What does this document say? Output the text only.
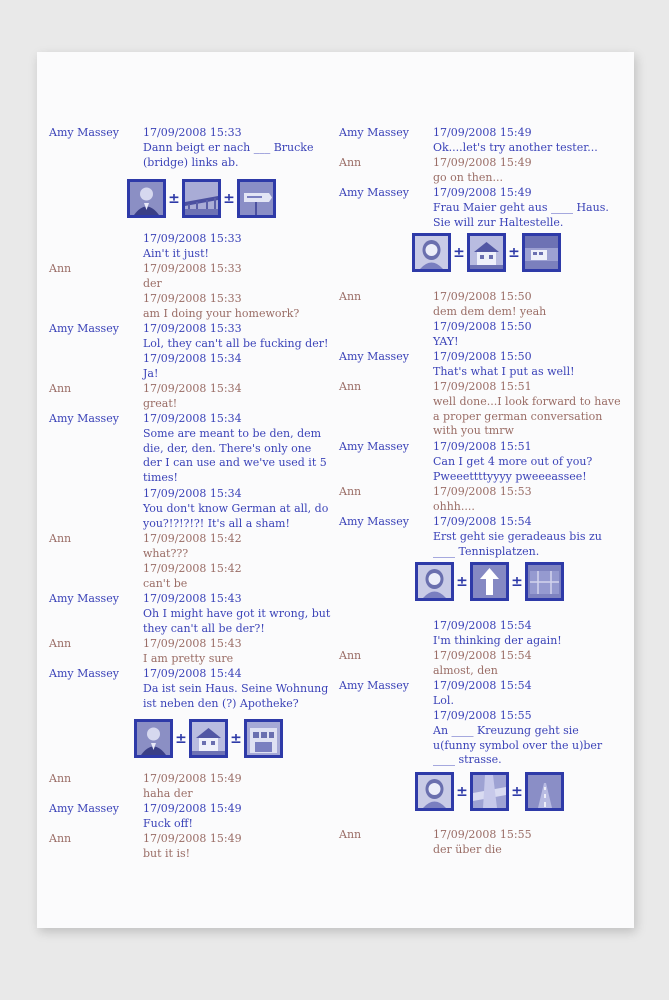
Amy Massey	17/09/2008 15:33
Dann beigt er nach ___ Brucke (bridge) links ab.
17/09/2008 15:33
Ain't it just!
Ann	17/09/2008 15:33
der
17/09/2008 15:33
am I doing your homework?
Amy Massey	17/09/2008 15:33
Lol, they can't all be fucking der!
17/09/2008 15:34
Ja!
Ann	17/09/2008 15:34
great!
Amy Massey	17/09/2008 15:34
Some are meant to be den, dem die, der, den. There's only one der I can use and we've used it 5 times!
17/09/2008 15:34
You don't know German at all, do you?!?!?!?! It's all a sham!
Ann	17/09/2008 15:42
what???
17/09/2008 15:42
can't be
Amy Massey	17/09/2008 15:43
Oh I might have got it wrong, but they can't all be der?!
Ann	17/09/2008 15:43
I am pretty sure
Amy Massey	17/09/2008 15:44
Da ist sein Haus. Seine Wohnung ist neben den (?) Apotheke?
Ann	17/09/2008 15:49
haha der
Amy Massey	17/09/2008 15:49
Fuck off!
Ann	17/09/2008 15:49
but it is!
±	±
±	±
Amy Massey	17/09/2008 15:49
Ok....let's try another tester...
Ann	17/09/2008 15:49
go on then...
Amy Massey	17/09/2008 15:49
Frau Maier geht aus ____ Haus. Sie will zur Haltestelle.
Ann	17/09/2008 15:50
dem dem dem! yeah
17/09/2008 15:50
YAY!
Amy Massey	17/09/2008 15:50
That's what I put as well!
Ann	17/09/2008 15:51
well done...I look forward to have a proper german conversation with you tmrw
Amy Massey	17/09/2008 15:51
Can I get 4 more out of you? Pweeettttyyyy pweeeassee!
Ann	17/09/2008 15:53
ohhh....
Amy Massey	17/09/2008 15:54
Erst geht sie geradeaus bis zu ____ Tennisplatzen.
17/09/2008 15:54
I'm thinking der again!
Ann	17/09/2008 15:54
almost, den
Amy Massey	17/09/2008 15:54
Lol.
17/09/2008 15:55
An ____ Kreuzung geht sie u(funny symbol over the u)ber ____ strasse.
Ann	17/09/2008 15:55
der über die
±	±
±	±
±	±
